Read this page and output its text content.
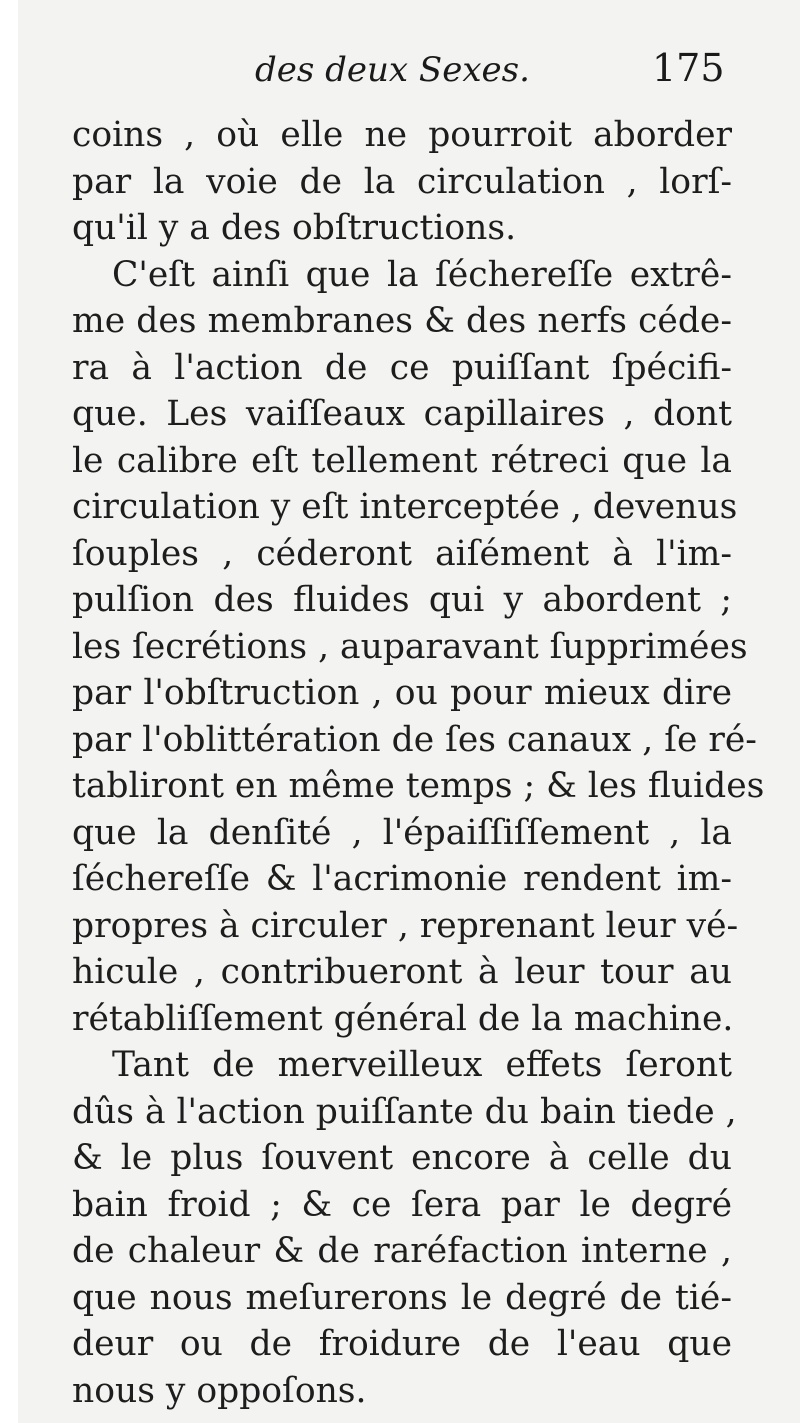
des deux Sexes.	175
coins , où elle ne pourroit aborder
par la voie de la circulation , lorſ-
qu'il y a des obſtructions.
C'eſt ainſi que la ſécherеſſe extrê-
me des membranes & des nerfs céde-
ra à l'action de ce puiſſant ſpécifi-
que. Les vaiſſeaux capillaires , dont
le calibre eſt tellement rétreci que la
circulation y eſt interceptée , devenus
ſouples , céderont aiſément à l'im-
pulſion des fluides qui y abordent ;
les ſecrétions , auparavant ſupprimées
par l'obſtruction , ou pour mieux dire
par l'oblittération de ſes canaux , ſe ré-
tabliront en même temps ; & les fluides
que la denſité , l'épaiſſiſſement , la
ſécherеſſe & l'acrimonie rendent im-
propres à circuler , reprenant leur vé-
hicule , contribueront à leur tour au
rétabliſſement général de la machine.
Tant de merveilleux effets ſeront
dûs à l'action puiſſante du bain tiede ,
& le plus ſouvent encore à celle du
bain froid ; & ce ſera par le degré
de chaleur & de raréfaction interne ,
que nous meſurerons le degré de tié-
deur ou de froidure de l'eau que
nous y oppoſons.
